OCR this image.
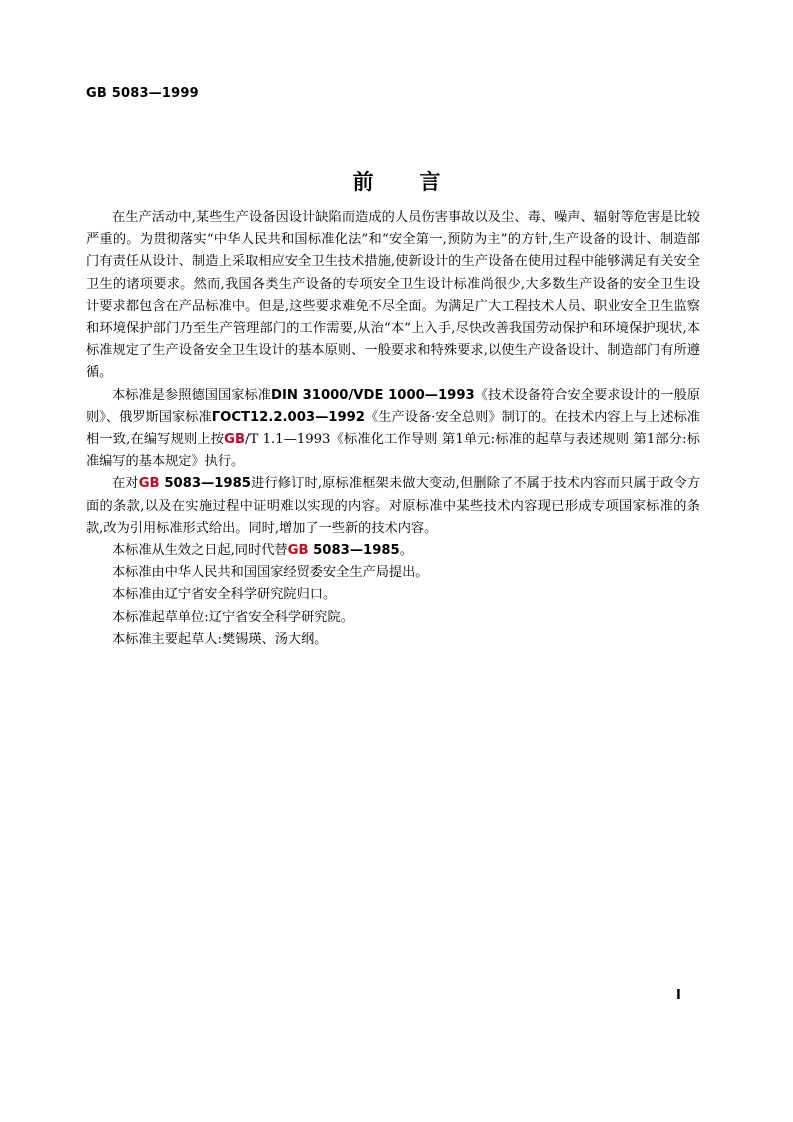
GB 5083—1999
前言

在生产活动中,某些生产设备因设计缺陷而造成的人员伤害事故以及尘、毒、噪声、辐射等危害是比较严重的。为贯彻落实“中华人民共和国标准化法”和“安全第一,预防为主”的方针,生产设备的设计、制造部门有责任从设计、制造上采取相应安全卫生技术措施,使新设计的生产设备在使用过程中能够满足有关安全卫生的诸项要求。然而,我国各类生产设备的专项安全卫生设计标准尚很少,大多数生产设备的安全卫生设计要求都包含在产品标准中。但是,这些要求难免不尽全面。为满足广大工程技术人员、职业安全卫生监察和环境保护部门乃至生产管理部门的工作需要,从治“本”上入手,尽快改善我国劳动保护和环境保护现状,本标准规定了生产设备安全卫生设计的基本原则、一般要求和特殊要求,以使生产设备设计、制造部门有所遵循。

本标准是参照德国国家标准DIN 31000/VDE 1000—1993《技术设备符合安全要求设计的一般原则》、俄罗斯国家标准ГОСТ12.2.003—1992《生产设备·安全总则》制订的。在技术内容上与上述标准相一致,在编写规则上按GB/T 1.1—1993《标准化工作导则 第1单元:标准的起草与表述规则 第1部分:标准编写的基本规定》执行。

在对GB 5083—1985进行修订时,原标准框架未做大变动,但删除了不属于技术内容而只属于政令方面的条款,以及在实施过程中证明难以实现的内容。对原标准中某些技术内容现已形成专项国家标准的条款,改为引用标准形式给出。同时,增加了一些新的技术内容。

本标准从生效之日起,同时代替GB 5083—1985。

本标准由中华人民共和国国家经贸委安全生产局提出。

本标准由辽宁省安全科学研究院归口。

本标准起草单位:辽宁省安全科学研究院。

本标准主要起草人:樊锡瑛、汤大纲。

I
